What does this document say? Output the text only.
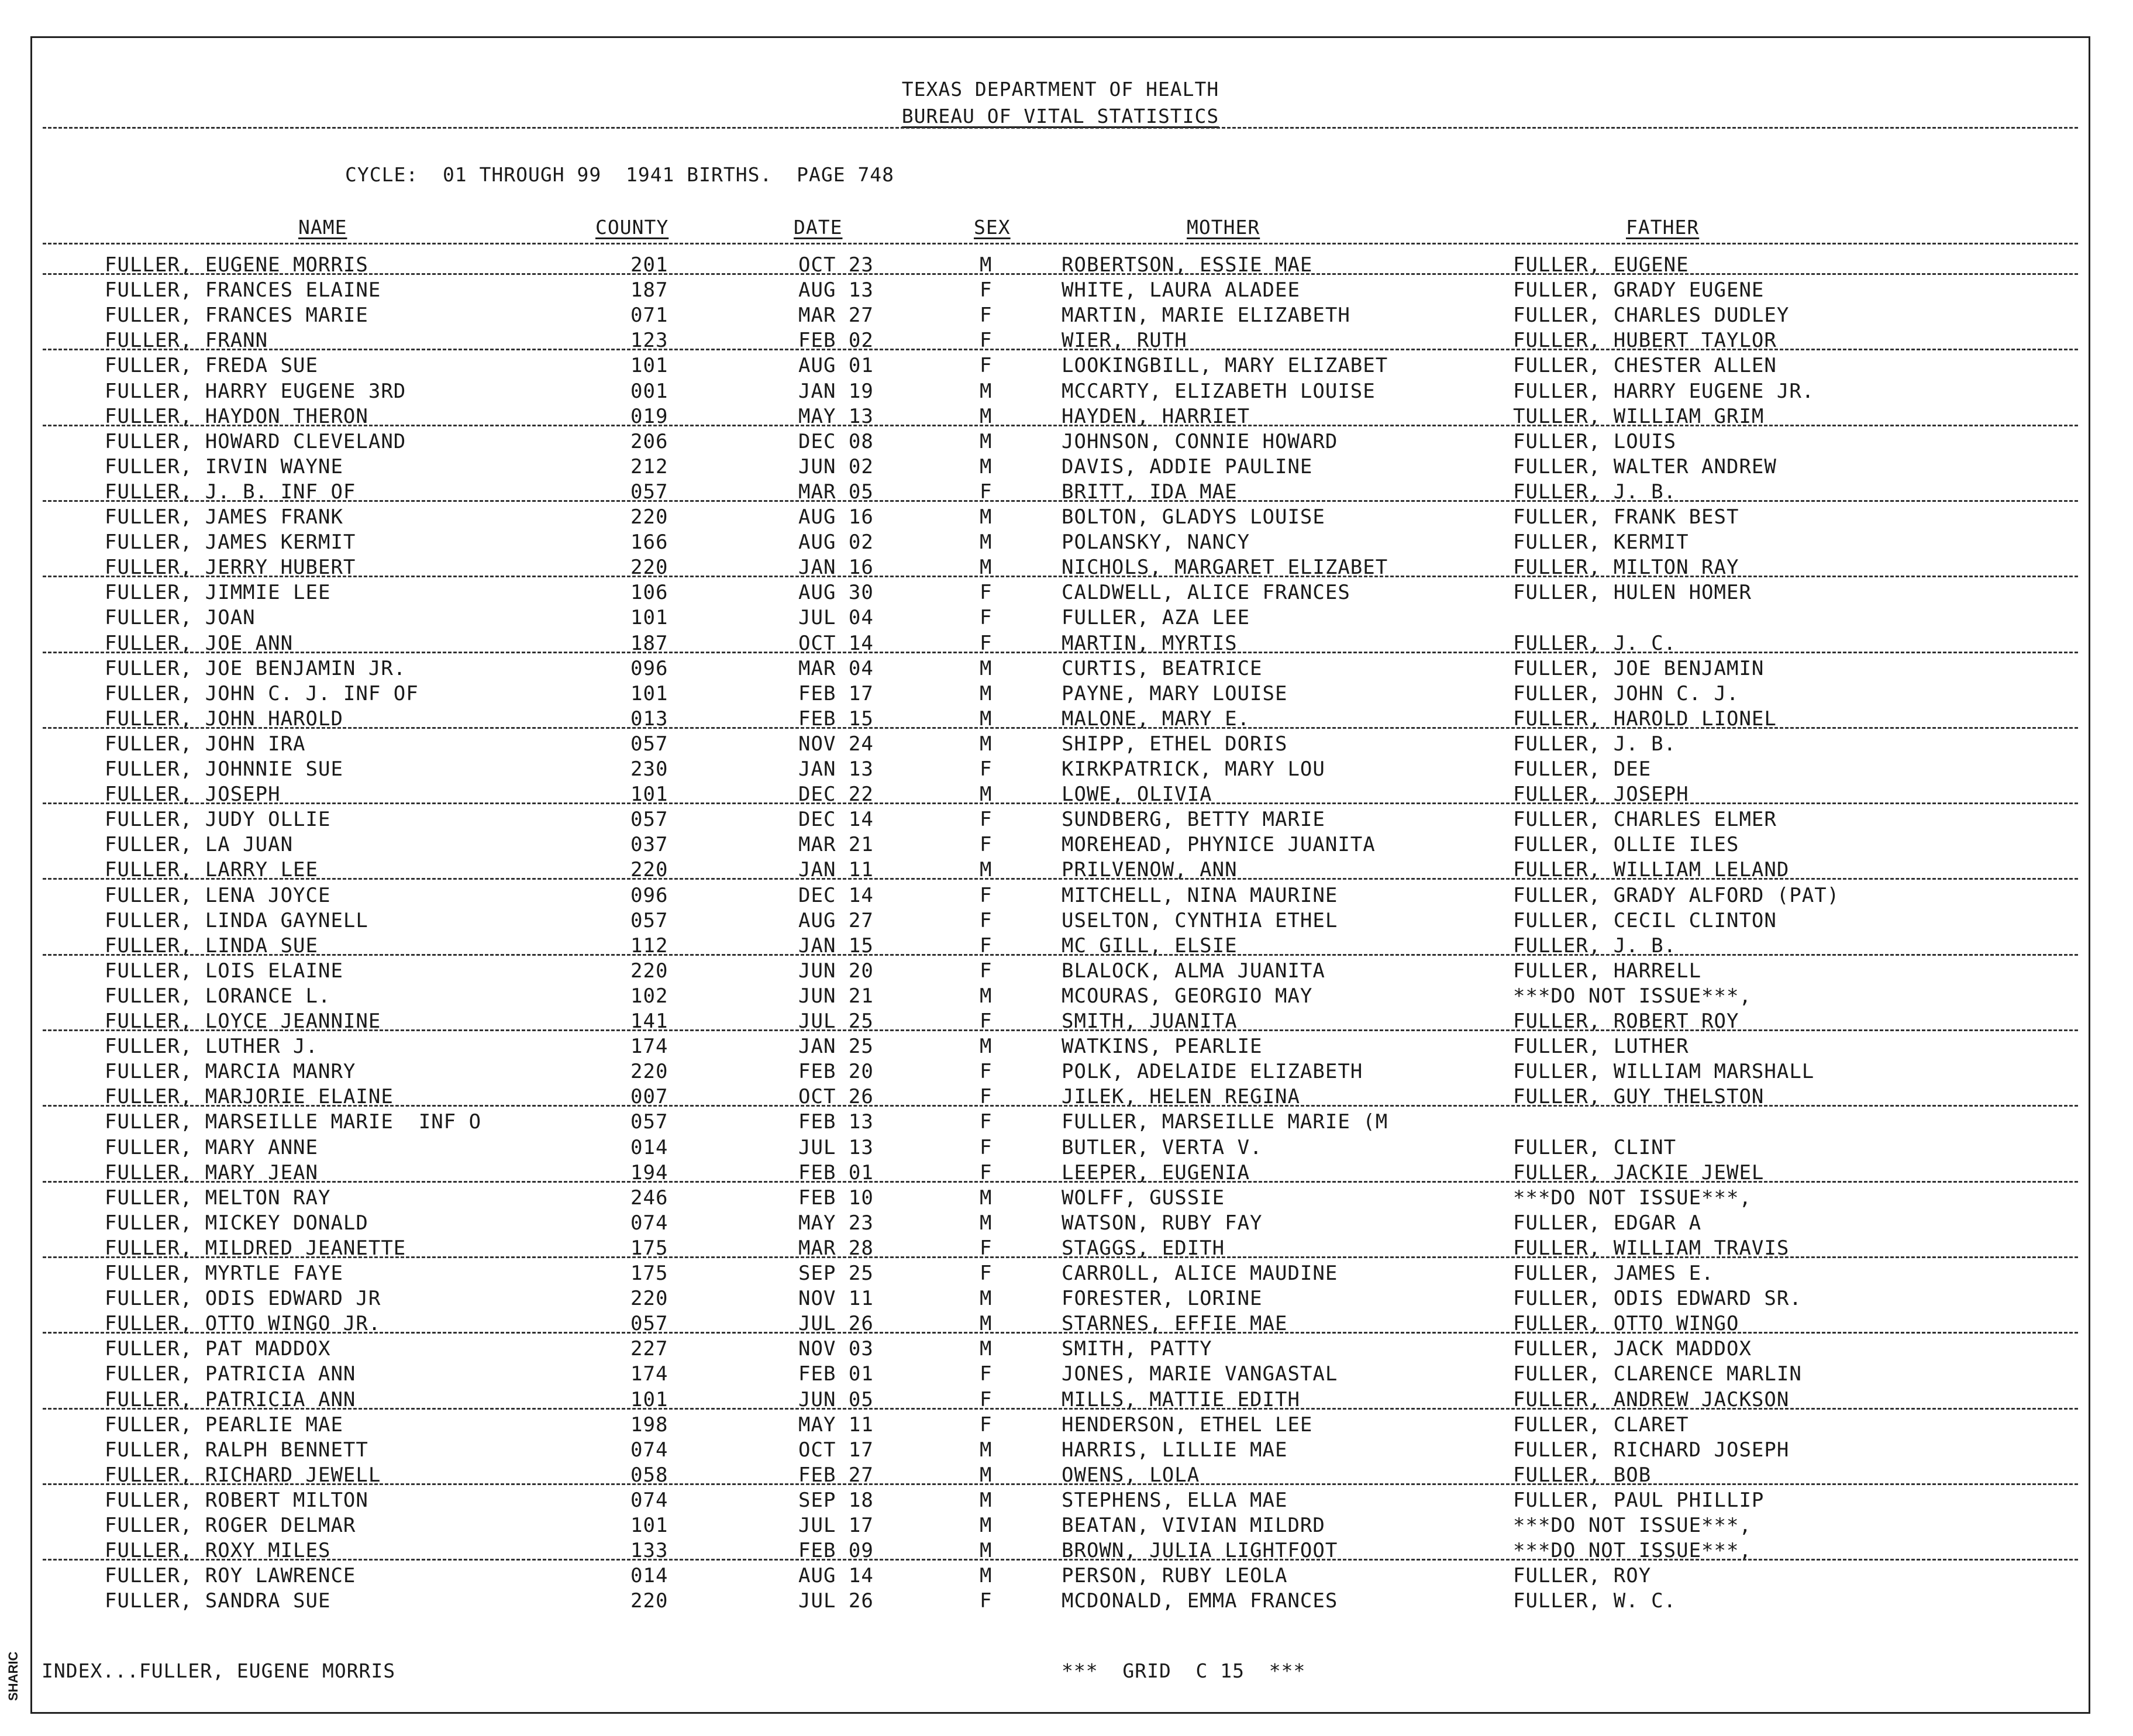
TEXAS DEPARTMENT OF HEALTH
BUREAU OF VITAL STATISTICS
CYCLE:  01 THROUGH 99  1941 BIRTHS.  PAGE 748
NAME	COUNTY	DATE	SEX	MOTHER	FATHER
FULLER, EUGENE MORRIS	201	OCT 23	M	ROBERTSON, ESSIE MAE	FULLER, EUGENE
FULLER, FRANCES ELAINE	187	AUG 13	F	WHITE, LAURA ALADEE	FULLER, GRADY EUGENE
FULLER, FRANCES MARIE	071	MAR 27	F	MARTIN, MARIE ELIZABETH	FULLER, CHARLES DUDLEY
FULLER, FRANN	123	FEB 02	F	WIER, RUTH	FULLER, HUBERT TAYLOR
FULLER, FREDA SUE	101	AUG 01	F	LOOKINGBILL, MARY ELIZABET	FULLER, CHESTER ALLEN
FULLER, HARRY EUGENE 3RD	001	JAN 19	M	MCCARTY, ELIZABETH LOUISE	FULLER, HARRY EUGENE JR.
FULLER, HAYDON THERON	019	MAY 13	M	HAYDEN, HARRIET	TULLER, WILLIAM GRIM
FULLER, HOWARD CLEVELAND	206	DEC 08	M	JOHNSON, CONNIE HOWARD	FULLER, LOUIS
FULLER, IRVIN WAYNE	212	JUN 02	M	DAVIS, ADDIE PAULINE	FULLER, WALTER ANDREW
FULLER, J. B. INF OF	057	MAR 05	F	BRITT, IDA MAE	FULLER, J. B.
FULLER, JAMES FRANK	220	AUG 16	M	BOLTON, GLADYS LOUISE	FULLER, FRANK BEST
FULLER, JAMES KERMIT	166	AUG 02	M	POLANSKY, NANCY	FULLER, KERMIT
FULLER, JERRY HUBERT	220	JAN 16	M	NICHOLS, MARGARET ELIZABET	FULLER, MILTON RAY
FULLER, JIMMIE LEE	106	AUG 30	F	CALDWELL, ALICE FRANCES	FULLER, HULEN HOMER
FULLER, JOAN	101	JUL 04	F	FULLER, AZA LEE
FULLER, JOE ANN	187	OCT 14	F	MARTIN, MYRTIS	FULLER, J. C.
FULLER, JOE BENJAMIN JR.	096	MAR 04	M	CURTIS, BEATRICE	FULLER, JOE BENJAMIN
FULLER, JOHN C. J. INF OF	101	FEB 17	M	PAYNE, MARY LOUISE	FULLER, JOHN C. J.
FULLER, JOHN HAROLD	013	FEB 15	M	MALONE, MARY E.	FULLER, HAROLD LIONEL
FULLER, JOHN IRA	057	NOV 24	M	SHIPP, ETHEL DORIS	FULLER, J. B.
FULLER, JOHNNIE SUE	230	JAN 13	F	KIRKPATRICK, MARY LOU	FULLER, DEE
FULLER, JOSEPH	101	DEC 22	M	LOWE, OLIVIA	FULLER, JOSEPH
FULLER, JUDY OLLIE	057	DEC 14	F	SUNDBERG, BETTY MARIE	FULLER, CHARLES ELMER
FULLER, LA JUAN	037	MAR 21	F	MOREHEAD, PHYNICE JUANITA	FULLER, OLLIE ILES
FULLER, LARRY LEE	220	JAN 11	M	PRILVENOW, ANN	FULLER, WILLIAM LELAND
FULLER, LENA JOYCE	096	DEC 14	F	MITCHELL, NINA MAURINE	FULLER, GRADY ALFORD (PAT)
FULLER, LINDA GAYNELL	057	AUG 27	F	USELTON, CYNTHIA ETHEL	FULLER, CECIL CLINTON
FULLER, LINDA SUE	112	JAN 15	F	MC GILL, ELSIE	FULLER, J. B.
FULLER, LOIS ELAINE	220	JUN 20	F	BLALOCK, ALMA JUANITA	FULLER, HARRELL
FULLER, LORANCE L.	102	JUN 21	M	MCOURAS, GEORGIO MAY	***DO NOT ISSUE***,
FULLER, LOYCE JEANNINE	141	JUL 25	F	SMITH, JUANITA	FULLER, ROBERT ROY
FULLER, LUTHER J.	174	JAN 25	M	WATKINS, PEARLIE	FULLER, LUTHER
FULLER, MARCIA MANRY	220	FEB 20	F	POLK, ADELAIDE ELIZABETH	FULLER, WILLIAM MARSHALL
FULLER, MARJORIE ELAINE	007	OCT 26	F	JILEK, HELEN REGINA	FULLER, GUY THELSTON
FULLER, MARSEILLE MARIE  INF O	057	FEB 13	F	FULLER, MARSEILLE MARIE (M
FULLER, MARY ANNE	014	JUL 13	F	BUTLER, VERTA V.	FULLER, CLINT
FULLER, MARY JEAN	194	FEB 01	F	LEEPER, EUGENIA	FULLER, JACKIE JEWEL
FULLER, MELTON RAY	246	FEB 10	M	WOLFF, GUSSIE	***DO NOT ISSUE***,
FULLER, MICKEY DONALD	074	MAY 23	M	WATSON, RUBY FAY	FULLER, EDGAR A
FULLER, MILDRED JEANETTE	175	MAR 28	F	STAGGS, EDITH	FULLER, WILLIAM TRAVIS
FULLER, MYRTLE FAYE	175	SEP 25	F	CARROLL, ALICE MAUDINE	FULLER, JAMES E.
FULLER, ODIS EDWARD JR	220	NOV 11	M	FORESTER, LORINE	FULLER, ODIS EDWARD SR.
FULLER, OTTO WINGO JR.	057	JUL 26	M	STARNES, EFFIE MAE	FULLER, OTTO WINGO
FULLER, PAT MADDOX	227	NOV 03	M	SMITH, PATTY	FULLER, JACK MADDOX
FULLER, PATRICIA ANN	174	FEB 01	F	JONES, MARIE VANGASTAL	FULLER, CLARENCE MARLIN
FULLER, PATRICIA ANN	101	JUN 05	F	MILLS, MATTIE EDITH	FULLER, ANDREW JACKSON
FULLER, PEARLIE MAE	198	MAY 11	F	HENDERSON, ETHEL LEE	FULLER, CLARET
FULLER, RALPH BENNETT	074	OCT 17	M	HARRIS, LILLIE MAE	FULLER, RICHARD JOSEPH
FULLER, RICHARD JEWELL	058	FEB 27	M	OWENS, LOLA	FULLER, BOB
FULLER, ROBERT MILTON	074	SEP 18	M	STEPHENS, ELLA MAE	FULLER, PAUL PHILLIP
FULLER, ROGER DELMAR	101	JUL 17	M	BEATAN, VIVIAN MILDRD	***DO NOT ISSUE***,
FULLER, ROXY MILES	133	FEB 09	M	BROWN, JULIA LIGHTFOOT	***DO NOT ISSUE***,
FULLER, ROY LAWRENCE	014	AUG 14	M	PERSON, RUBY LEOLA	FULLER, ROY
FULLER, SANDRA SUE	220	JUL 26	F	MCDONALD, EMMA FRANCES	FULLER, W. C.
INDEX...FULLER, EUGENE MORRIS	***  GRID  C 15  ***
SHARIC
